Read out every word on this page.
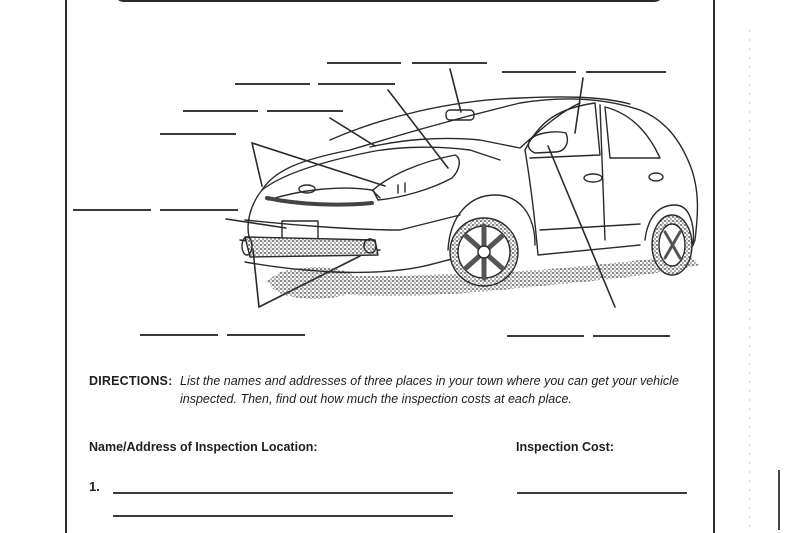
DIRECTIONS: List the names and addresses of three places in your town where you can get your vehicle inspected. Then, find out how much the inspection costs at each place.
Name/Address of Inspection Location:	Inspection Cost:
1.
